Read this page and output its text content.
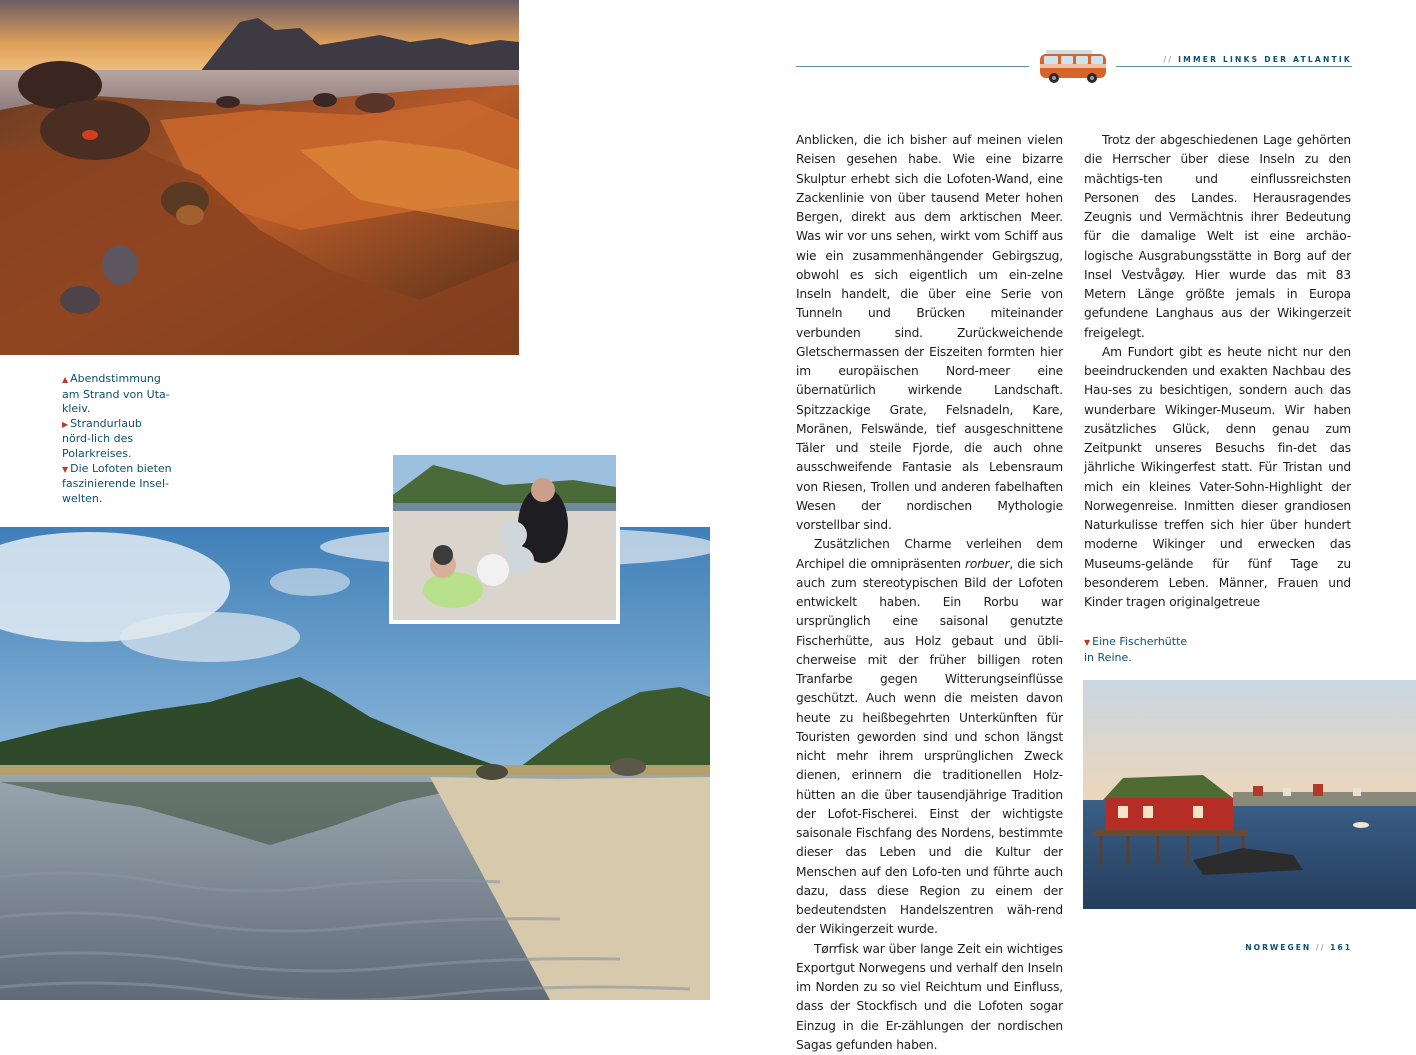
▲ Abendstimmung am Strand von Uta-kleiv.

▶ Strandurlaub nörd-lich des Polarkreises.

▼ Die Lofoten bieten faszinierende Insel-welten.

// IMMER LINKS DER ATLANTIK

Anblicken, die ich bisher auf meinen vielen Reisen gesehen habe. Wie eine bizarre Skulptur erhebt sich die Lofoten-Wand, eine Zackenlinie von über tausend Meter hohen Bergen, direkt aus dem arktischen Meer. Was wir vor uns sehen, wirkt vom Schiff aus wie ein zusammenhängender Gebirgszug, obwohl es sich eigentlich um ein-zelne Inseln handelt, die über eine Serie von Tunneln und Brücken miteinander verbunden sind. Zurückweichende Gletschermassen der Eiszeiten formten hier im europäischen Nord-meer eine übernatürlich wirkende Landschaft. Spitzzackige Grate, Felsnadeln, Kare, Moränen, Felswände, tief ausgeschnittene Täler und steile Fjorde, die auch ohne ausschweifende Fantasie als Lebensraum von Riesen, Trollen und anderen fabelhaften Wesen der nordischen Mythologie vorstellbar sind.

Zusätzlichen Charme verleihen dem Archipel die omnipräsenten rorbuer, die sich auch zum stereotypischen Bild der Lofoten entwickelt haben. Ein Rorbu war ursprünglich eine saisonal genutzte Fischerhütte, aus Holz gebaut und übli-cherweise mit der früher billigen roten Tranfarbe gegen Witterungseinflüsse geschützt. Auch wenn die meisten davon heute zu heißbegehrten Unterkünften für Touristen geworden sind und schon längst nicht mehr ihrem ursprünglichen Zweck dienen, erinnern die traditionellen Holz-hütten an die über tausendjährige Tradition der Lofot-Fischerei. Einst der wichtigste saisonale Fischfang des Nordens, bestimmte dieser das Leben und die Kultur der Menschen auf den Lofo-ten und führte auch dazu, dass diese Region zu einem der bedeutendsten Handelszentren wäh-rend der Wikingerzeit wurde.

Tørrfisk war über lange Zeit ein wichtiges Exportgut Norwegens und verhalf den Inseln im Norden zu so viel Reichtum und Einfluss, dass der Stockfisch und die Lofoten sogar Einzug in die Er-zählungen der nordischen Sagas gefunden haben.

Trotz der abgeschiedenen Lage gehörten die Herrscher über diese Inseln zu den mächtigs-ten und einflussreichsten Personen des Landes. Herausragendes Zeugnis und Vermächtnis ihrer Bedeutung für die damalige Welt ist eine archäo-logische Ausgrabungsstätte in Borg auf der Insel Vestvågøy. Hier wurde das mit 83 Metern Länge größte jemals in Europa gefundene Langhaus aus der Wikingerzeit freigelegt.

Am Fundort gibt es heute nicht nur den beeindruckenden und exakten Nachbau des Hau-ses zu besichtigen, sondern auch das wunderbare Wikinger-Museum. Wir haben zusätzliches Glück, denn genau zum Zeitpunkt unseres Besuchs fin-det das jährliche Wikingerfest statt. Für Tristan und mich ein kleines Vater-Sohn-Highlight der Norwegenreise. Inmitten dieser grandiosen Naturkulisse treffen sich hier über hundert moderne Wikinger und erwecken das Museums-gelände für fünf Tage zu besonderem Leben. Männer, Frauen und Kinder tragen originalgetreue

▼ Eine Fischerhütte in Reine.

NORWEGEN // 161
